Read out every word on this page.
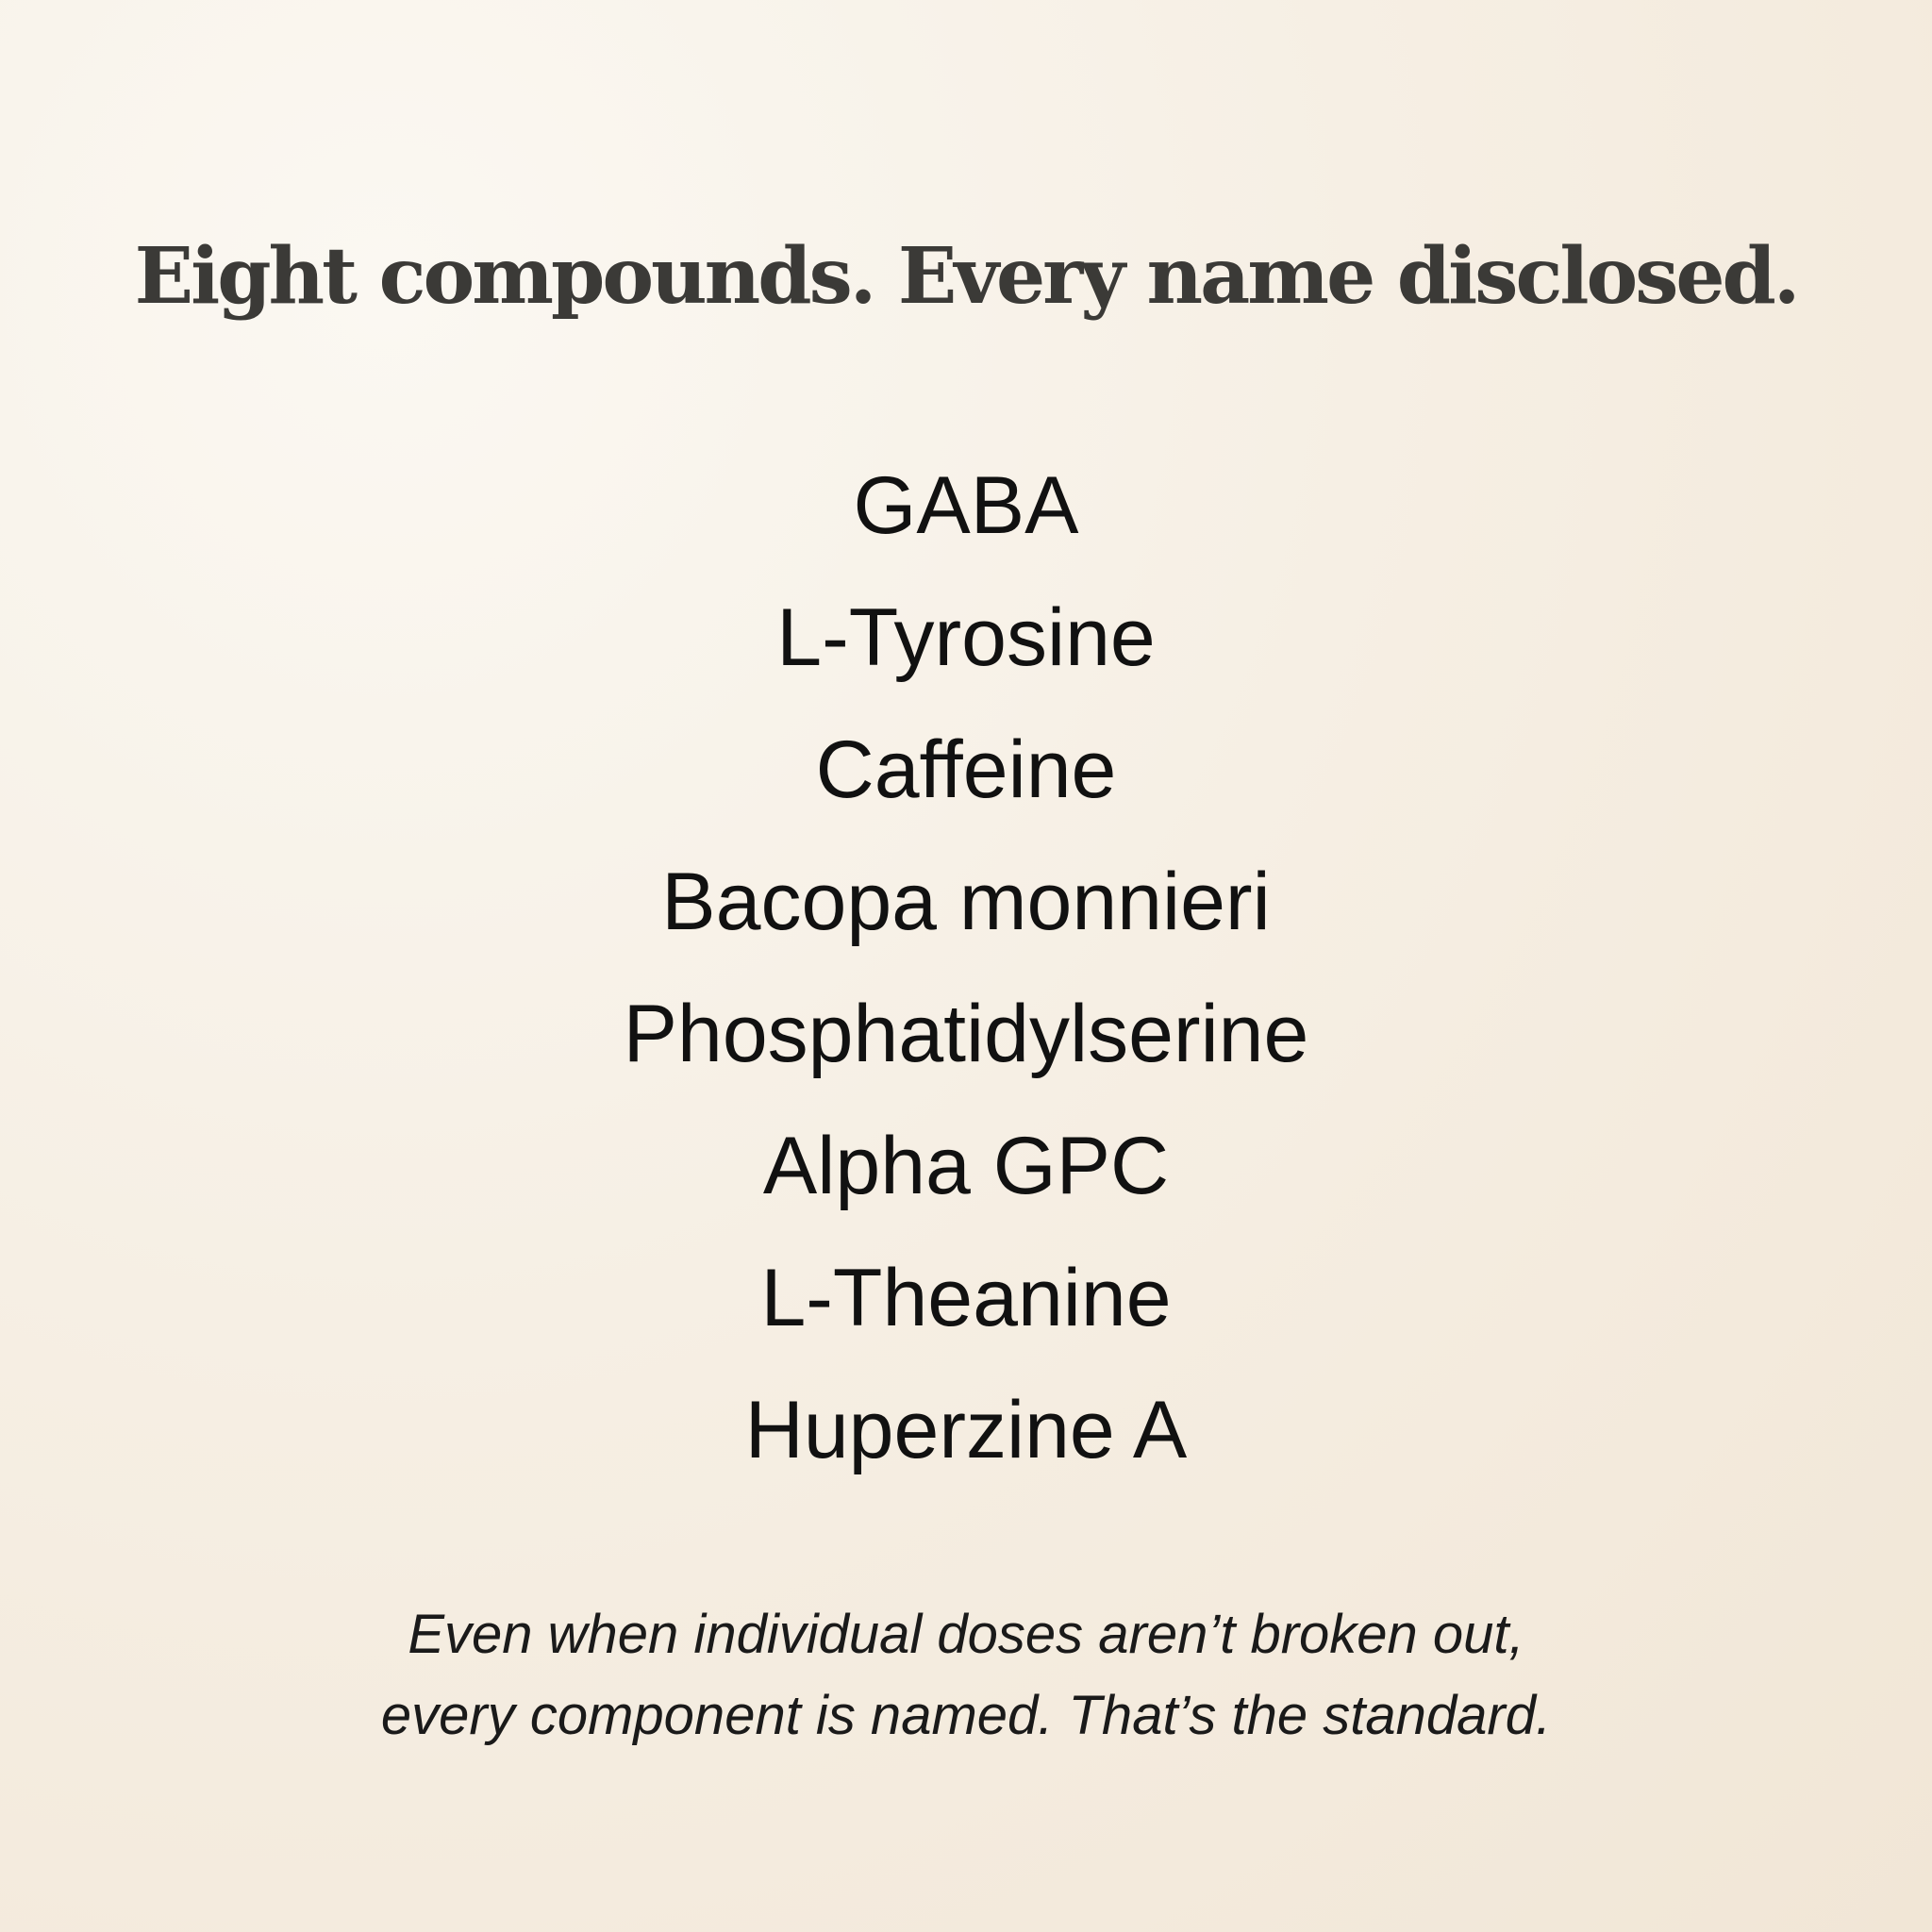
Eight compounds. Every name disclosed.
GABA
L-Tyrosine
Caffeine
Bacopa monnieri
Phosphatidylserine
Alpha GPC
L-Theanine
Huperzine A

Even when individual doses aren’t broken out,
every component is named. That’s the standard.
